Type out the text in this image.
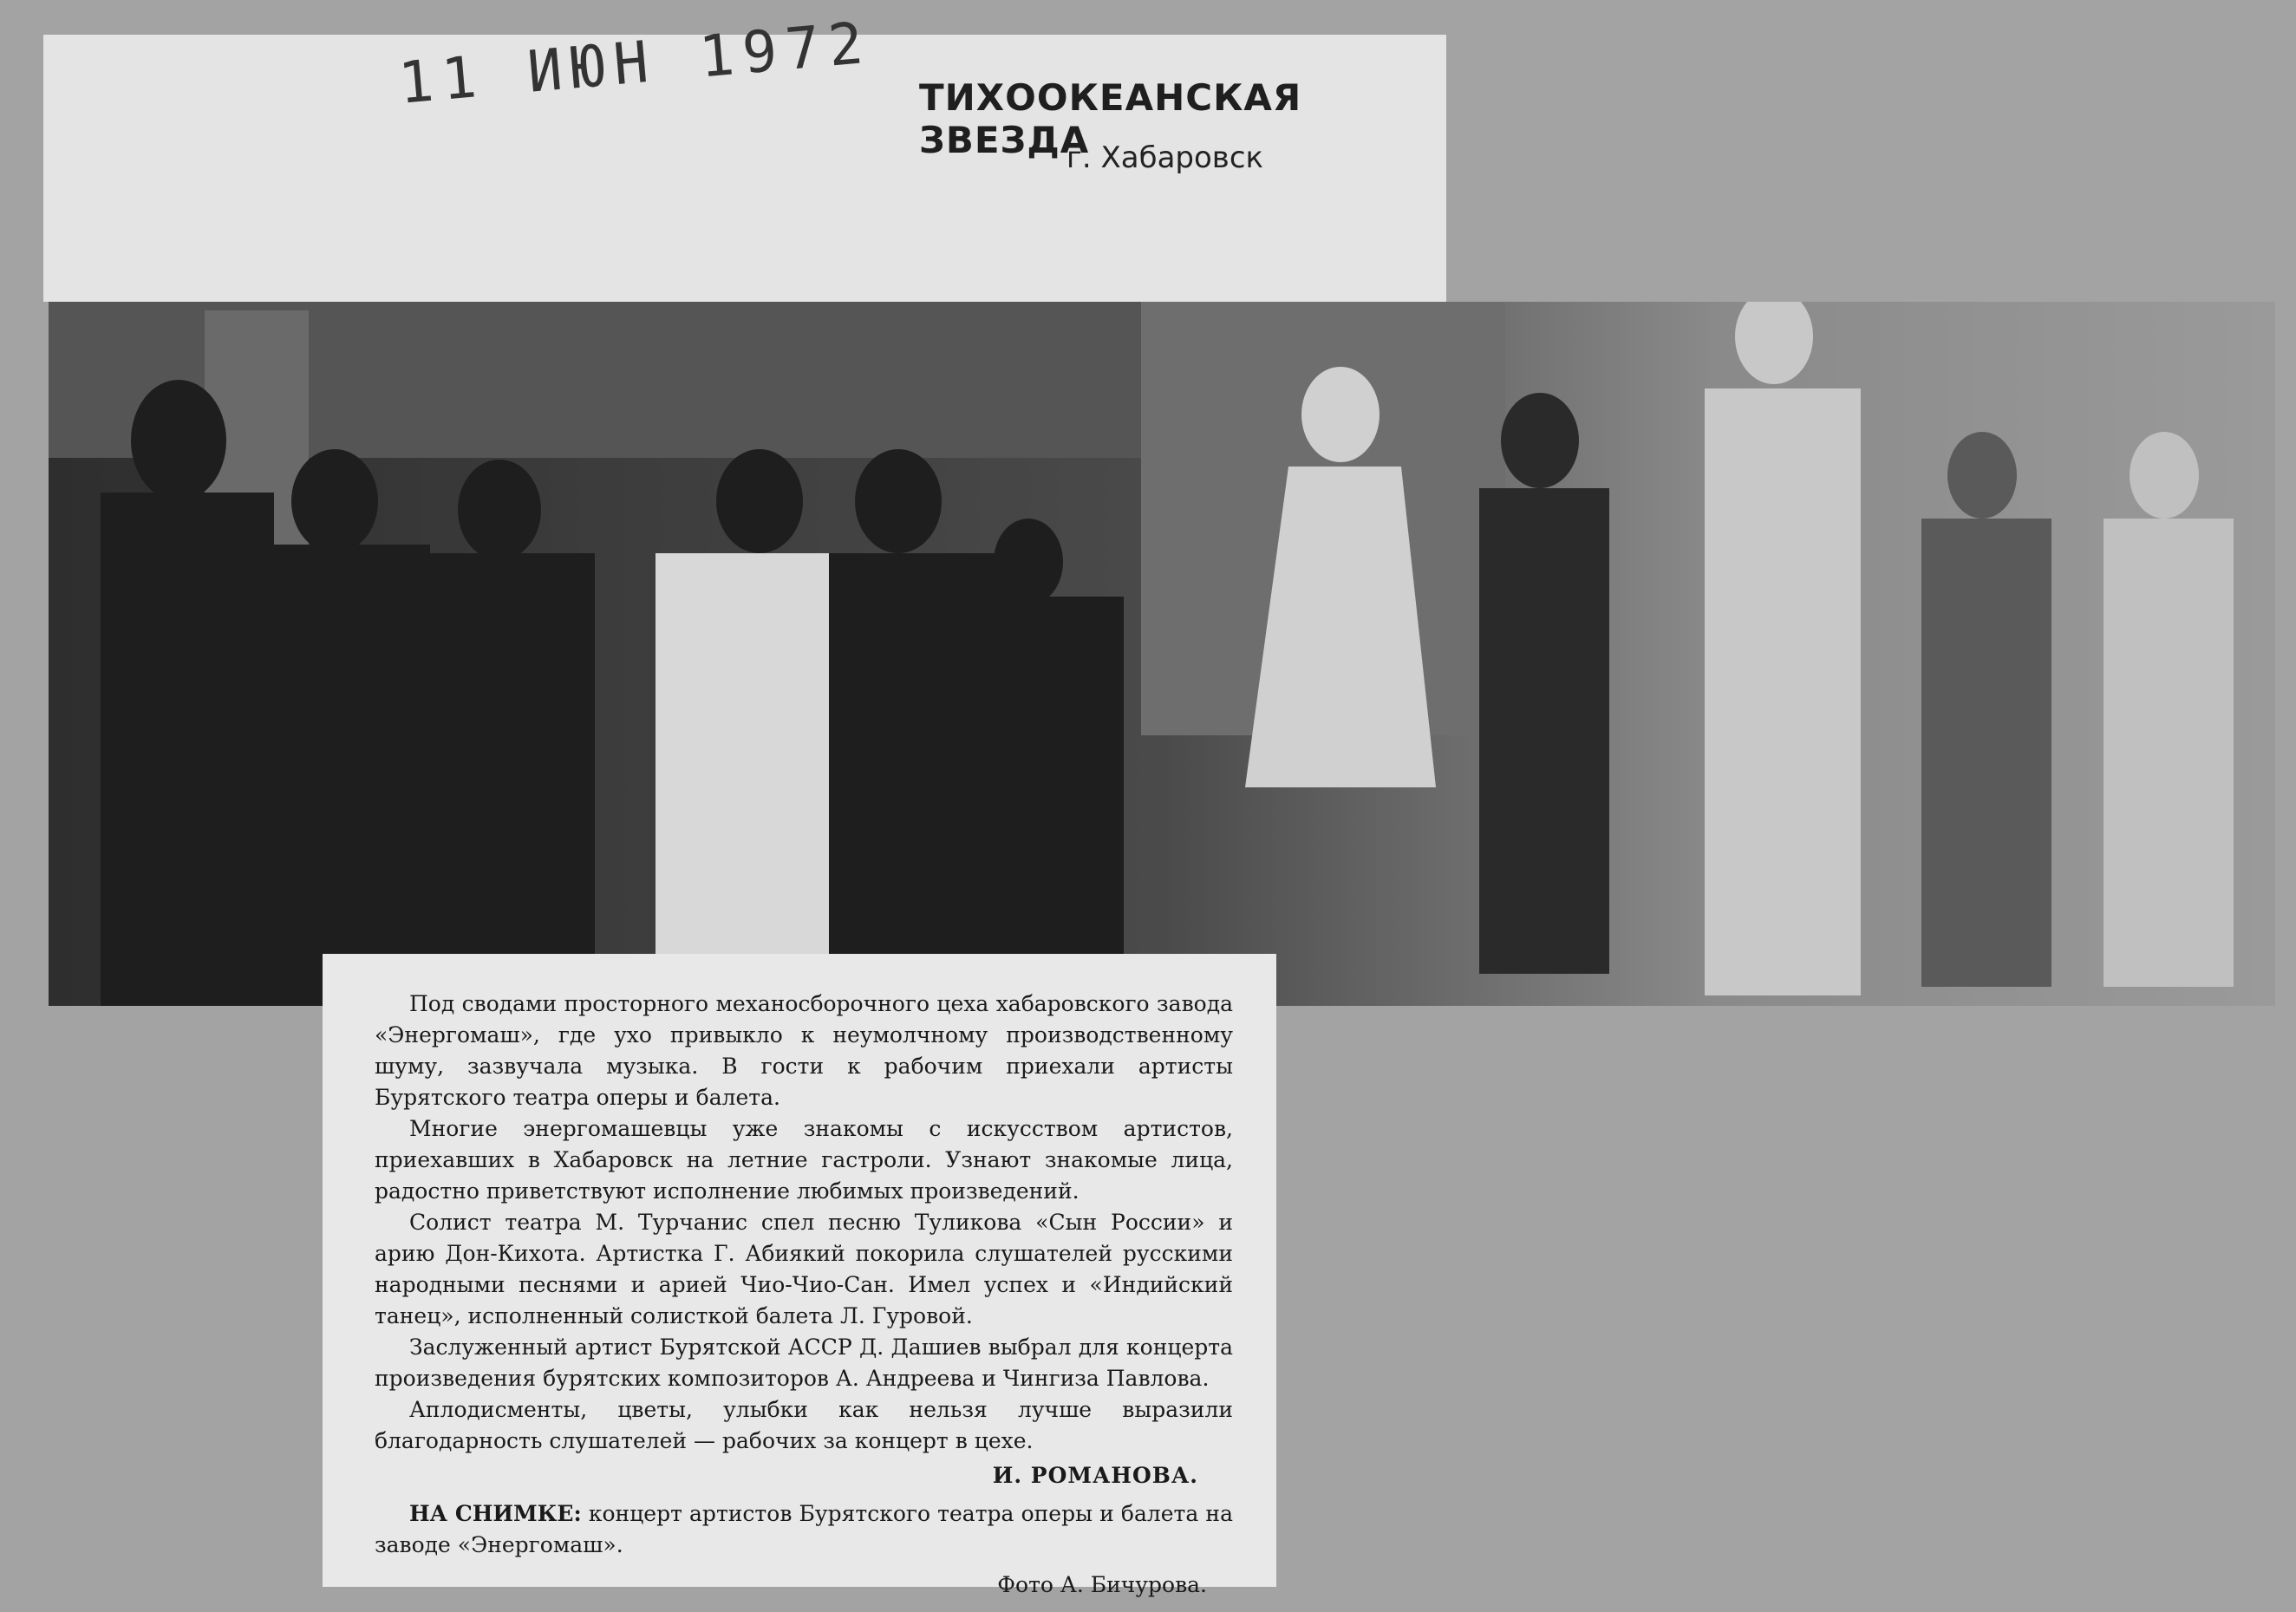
11 ИЮН 1972 ТИХООКЕАНСКАЯ ЗВЕЗДА
г. Хабаровск

Под сводами просторного механосборочного цеха хабаровского завода «Энергомаш», где ухо привыкло к неумолчному производственному шуму, зазвучала музыка. В гости к рабочим приехали артисты Бурятского театра оперы и балета.

Многие энергомашевцы уже знакомы с искусством артистов, приехавших в Хабаровск на летние гастроли. Узнают знакомые лица, радостно приветствуют исполнение любимых произведений.

Солист театра М. Турчанис спел песню Туликова «Сын России» и арию Дон-Кихота. Артистка Г. Абиякий покорила слушателей русскими народными песнями и арией Чио-Чио-Сан. Имел успех и «Индийский танец», исполненный солисткой балета Л. Гуровой.

Заслуженный артист Бурятской АССР Д. Дашиев выбрал для концерта произведения бурятских композиторов А. Андреева и Чингиза Павлова.

Аплодисменты, цветы, улыбки как нельзя лучше выразили благодарность слушателей — рабочих за концерт в цехе.

И. РОМАНОВА.

НА СНИМКЕ: концерт артистов Бурятского театра оперы и балета на заводе «Энергомаш».

Фото А. Бичурова.
